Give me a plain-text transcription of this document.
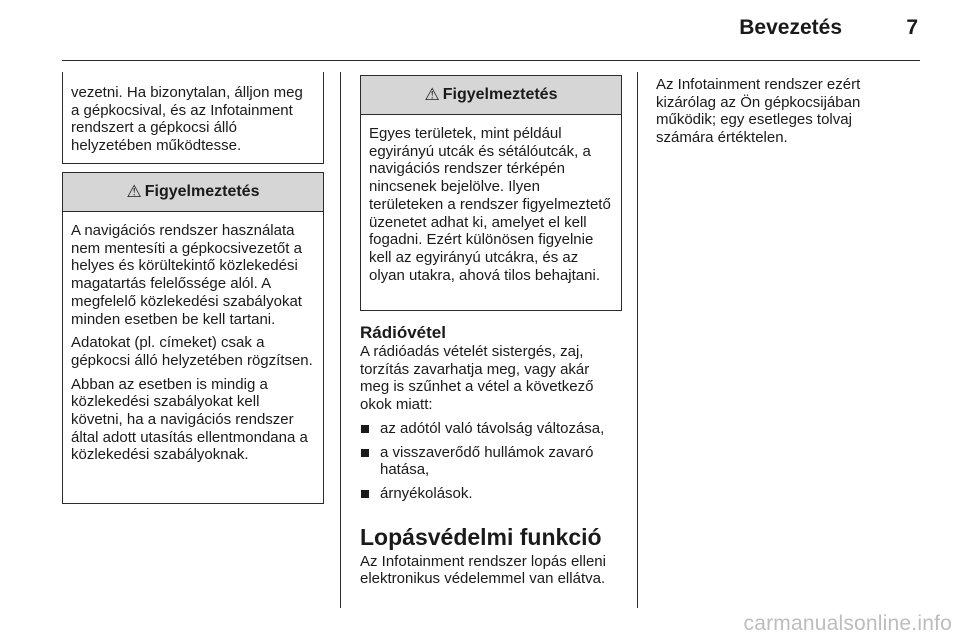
Bevezetés	7

vezetni. Ha bizonytalan, álljon meg a gépkocsival, és az Infotainment rendszert a gépkocsi álló helyzetében működtesse.

⚠ Figyelmeztetés

A navigációs rendszer használata nem mentesíti a gépkocsivezetőt a helyes és körültekintő közlekedési magatartás felelőssége alól. A megfelelő közlekedési szabályokat minden esetben be kell tartani.

Adatokat (pl. címeket) csak a gépkocsi álló helyzetében rögzítsen.

Abban az esetben is mindig a közlekedési szabályokat kell követni, ha a navigációs rendszer által adott utasítás ellentmondana a közlekedési szabályoknak.

⚠ Figyelmeztetés

Egyes területek, mint például egyirányú utcák és sétálóutcák, a navigációs rendszer térképén nincsenek bejelölve. Ilyen területeken a rendszer figyelmeztető üzenetet adhat ki, amelyet el kell fogadni. Ezért különösen figyelnie kell az egyirányú utcákra, és az olyan utakra, ahová tilos behajtani.

Rádióvétel

A rádióadás vételét sistergés, zaj, torzítás zavarhatja meg, vagy akár meg is szűnhet a vétel a következő okok miatt:

az adótól való távolság változása,
a visszaverődő hullámok zavaró hatása,
árnyékolások.
Lopásvédelmi funkció

Az Infotainment rendszer lopás elleni elektronikus védelemmel van ellátva.

Az Infotainment rendszer ezért kizárólag az Ön gépkocsijában működik; egy esetleges tolvaj számára értéktelen.

carmanualsonline.info
